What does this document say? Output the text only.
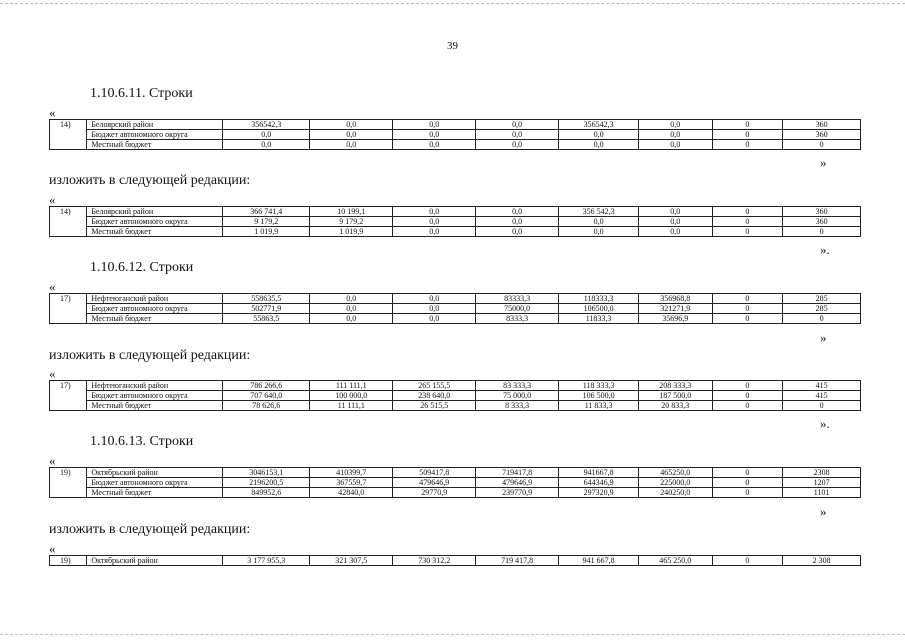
39
1.10.6.11. Строки
«
14)	Белоярский район	356542,3	0,0	0,0	0,0	356542,3	0,0	0	360
	Бюджет автономного округа	0,0	0,0	0,0	0,0	0,0	0,0	0	360
	Местный бюджет	0,0	0,0	0,0	0,0	0,0	0,0	0	0
»
изложить в следующей редакции:
«
14)	Белоярский район	366 741,4	10 199,1	0,0	0,0	356 542,3	0,0	0	360
	Бюджет автономного округа	9 179,2	9 179,2	0,0	0,0	0,0	0,0	0	360
	Местный бюджет	1 019,9	1 019,9	0,0	0,0	0,0	0,0	0	0
».
1.10.6.12. Строки
«
17)	Нефтеюганский район	558635,5	0,0	0,0	83333,3	118333,3	356968,8	0	285
	Бюджет автономного округа	502771,9	0,0	0,0	75000,0	106500,0	321271,9	0	285
	Местный бюджет	55863,5	0,0	0,0	8333,3	11833,3	35696,9	0	0
»
изложить в следующей редакции:
«
17)	Нефтеюганский район	786 266,6	111 111,1	265 155,5	83 333,3	118 333,3	208 333,3	0	415
	Бюджет автономного округа	707 640,0	100 000,0	238 640,0	75 000,0	106 500,0	187 500,0	0	415
	Местный бюджет	78 626,6	11 111,1	26 515,5	8 333,3	11 833,3	20 833,3	0	0
».
1.10.6.13. Строки
«
19)	Октябрьский район	3046153,1	410399,7	509417,8	719417,8	941667,8	465250,0	0	2308
	Бюджет автономного округа	2196200,5	367559,7	479646,9	479646,9	644346,9	225000,0	0	1207
	Местный бюджет	849952,6	42840,0	29770,9	239770,9	297320,9	240250,0	0	1101
»
изложить в следующей редакции:
«
19)	Октябрьский район	3 177 955,3	321 307,5	730 312,2	719 417,8	941 667,8	465 250,0	0	2 308
